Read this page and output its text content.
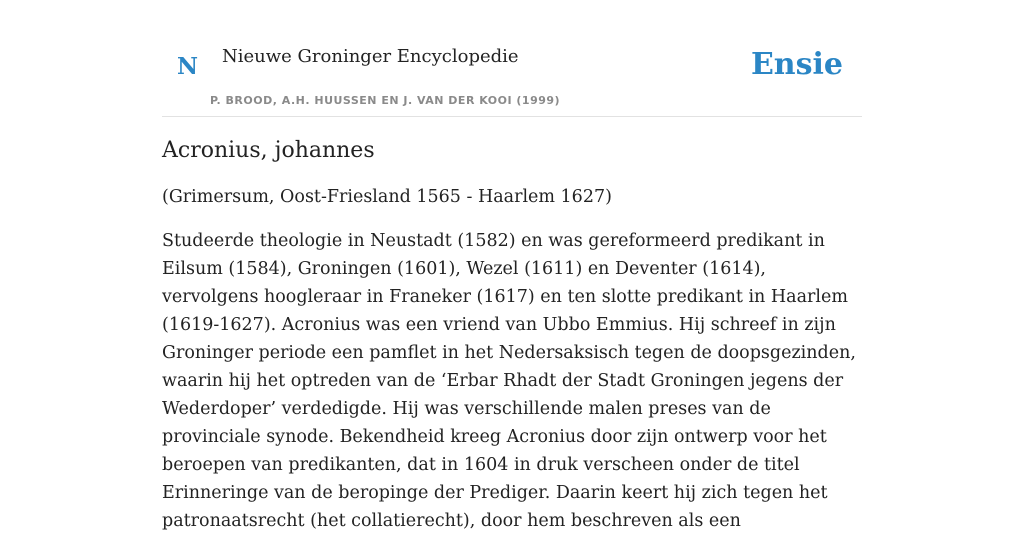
N Nieuwe Groninger Encyclopedie
P. BROOD, A.H. HUUSSEN EN J. VAN DER KOOI (1999)
Ensie
Acronius, johannes

(Grimersum, Oost-Friesland 1565 - Haarlem 1627)

Studeerde theologie in Neustadt (1582) en was gereformeerd predikant in Eilsum (1584), Groningen (1601), Wezel (1611) en Deventer (1614), vervolgens hoogleraar in Franeker (1617) en ten slotte predikant in Haarlem (1619-1627). Acronius was een vriend van Ubbo Emmius. Hij schreef in zijn Groninger periode een pamflet in het Nedersaksisch tegen de doopsgezinden, waarin hij het optreden van de ‘Erbar Rhadt der Stadt Groningen jegens der Wederdoper’ verdedigde. Hij was verschillende malen preses van de provinciale synode. Bekendheid kreeg Acronius door zijn ontwerp voor het beroepen van predikanten, dat in 1604 in druk verscheen onder de titel Erinneringe van de beropinge der Prediger. Daarin keert hij zich tegen het patronaatsrecht (het collatierecht), door hem beschreven als een
